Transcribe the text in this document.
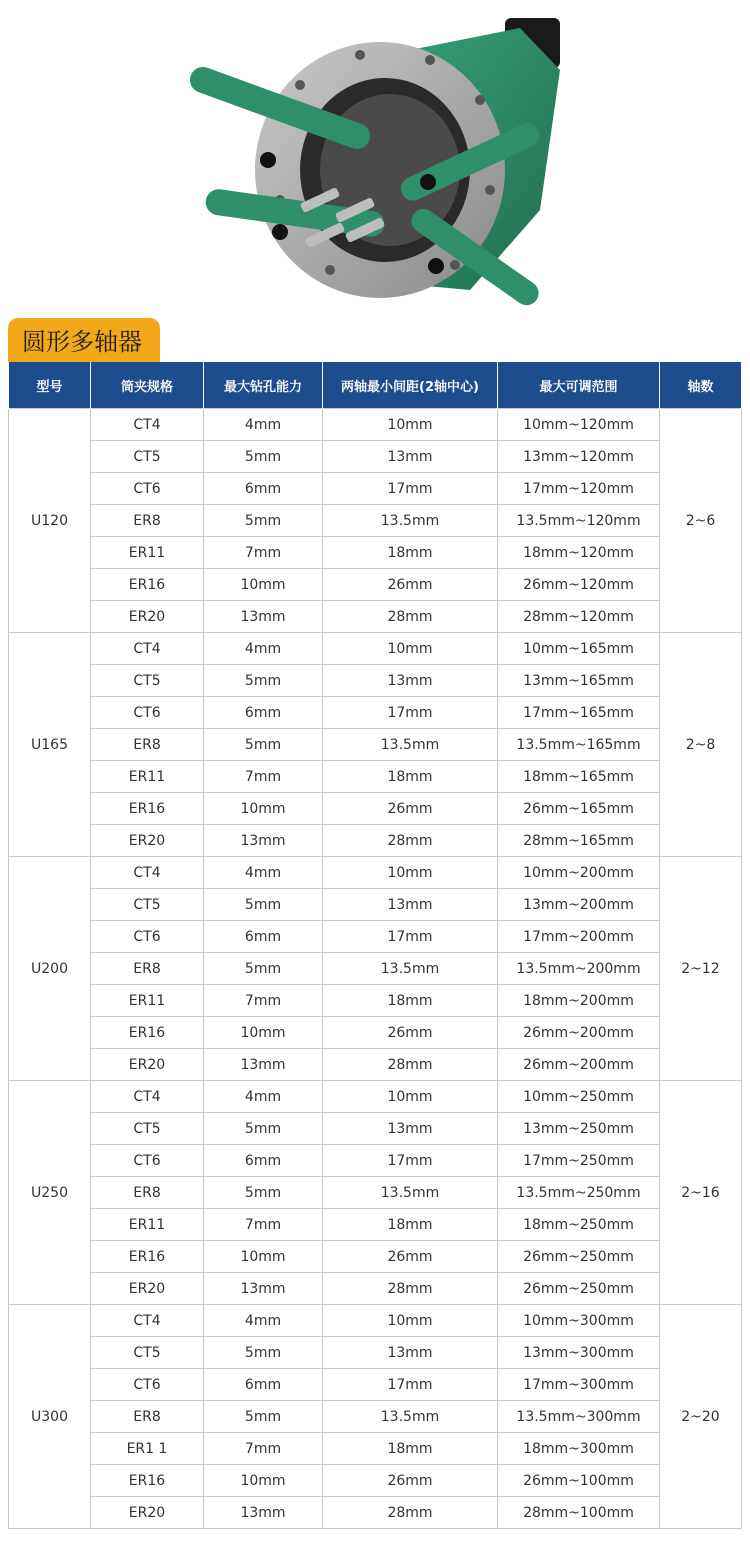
圆形多轴器
型号	筒夹规格	最大钻孔能力	两轴最小间距(2轴中心)	最大可调范围	轴数
U120	CT4	4mm	10mm	10mm~120mm	2~6
	CT5	5mm	13mm	13mm~120mm	
	CT6	6mm	17mm	17mm~120mm	
	ER8	5mm	13.5mm	13.5mm~120mm	
	ER11	7mm	18mm	18mm~120mm	
	ER16	10mm	26mm	26mm~120mm	
	ER20	13mm	28mm	28mm~120mm	
U165	CT4	4mm	10mm	10mm~165mm	2~8
	CT5	5mm	13mm	13mm~165mm	
	CT6	6mm	17mm	17mm~165mm	
	ER8	5mm	13.5mm	13.5mm~165mm	
	ER11	7mm	18mm	18mm~165mm	
	ER16	10mm	26mm	26mm~165mm	
	ER20	13mm	28mm	28mm~165mm	
U200	CT4	4mm	10mm	10mm~200mm	2~12
	CT5	5mm	13mm	13mm~200mm	
	CT6	6mm	17mm	17mm~200mm	
	ER8	5mm	13.5mm	13.5mm~200mm	
	ER11	7mm	18mm	18mm~200mm	
	ER16	10mm	26mm	26mm~200mm	
	ER20	13mm	28mm	26mm~200mm	
U250	CT4	4mm	10mm	10mm~250mm	2~16
	CT5	5mm	13mm	13mm~250mm	
	CT6	6mm	17mm	17mm~250mm	
	ER8	5mm	13.5mm	13.5mm~250mm	
	ER11	7mm	18mm	18mm~250mm	
	ER16	10mm	26mm	26mm~250mm	
	ER20	13mm	28mm	26mm~250mm	
U300	CT4	4mm	10mm	10mm~300mm	2~20
	CT5	5mm	13mm	13mm~300mm	
	CT6	6mm	17mm	17mm~300mm	
	ER8	5mm	13.5mm	13.5mm~300mm	
	ER1 1	7mm	18mm	18mm~300mm	
	ER16	10mm	26mm	26mm~100mm	
	ER20	13mm	28mm	28mm~100mm	
